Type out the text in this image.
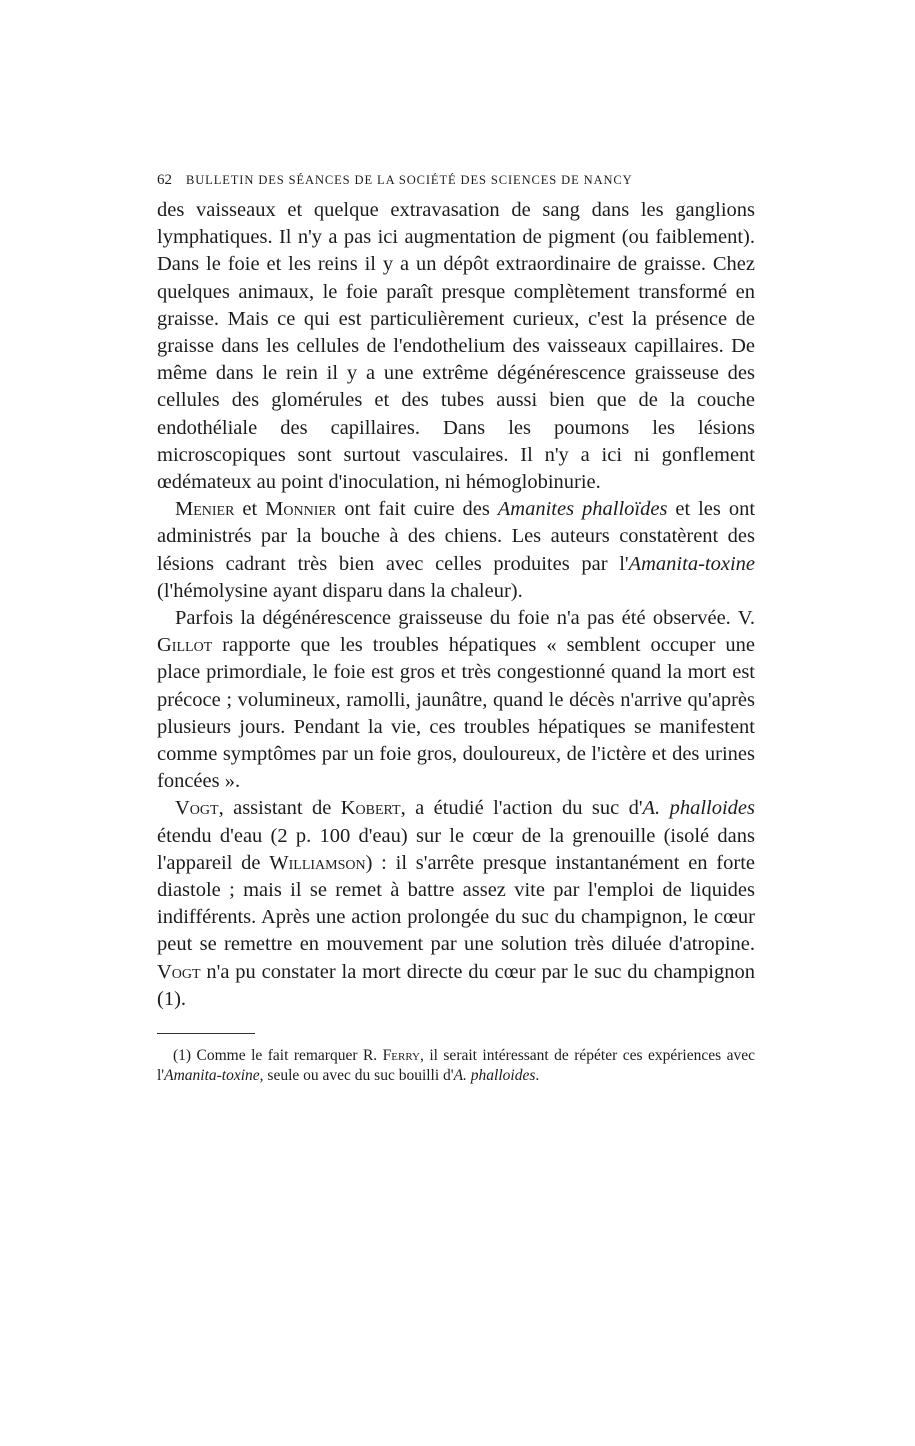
62 BULLETIN DES SÉANCES DE LA SOCIÉTÉ DES SCIENCES DE NANCY

des vaisseaux et quelque extravasation de sang dans les ganglions lymphatiques. Il n'y a pas ici augmentation de pigment (ou faiblement). Dans le foie et les reins il y a un dépôt extraordinaire de graisse. Chez quelques animaux, le foie paraît presque complètement transformé en graisse. Mais ce qui est particulièrement curieux, c'est la présence de graisse dans les cellules de l'endothelium des vaisseaux capillaires. De même dans le rein il y a une extrême dégénérescence graisseuse des cellules des glomérules et des tubes aussi bien que de la couche endothéliale des capillaires. Dans les poumons les lésions microscopiques sont surtout vasculaires. Il n'y a ici ni gonflement œdémateux au point d'inoculation, ni hémoglobinurie.

Menier et Monnier ont fait cuire des Amanites phalloïdes et les ont administrés par la bouche à des chiens. Les auteurs constatèrent des lésions cadrant très bien avec celles produites par l'Amanita-toxine (l'hémolysine ayant disparu dans la chaleur).

Parfois la dégénérescence graisseuse du foie n'a pas été observée. V. Gillot rapporte que les troubles hépatiques « semblent occuper une place primordiale, le foie est gros et très congestionné quand la mort est précoce ; volumineux, ramolli, jaunâtre, quand le décès n'arrive qu'après plusieurs jours. Pendant la vie, ces troubles hépatiques se manifestent comme symptômes par un foie gros, douloureux, de l'ictère et des urines foncées ».

Vogt, assistant de Kobert, a étudié l'action du suc d'A. phalloides étendu d'eau (2 p. 100 d'eau) sur le cœur de la grenouille (isolé dans l'appareil de Williamson) : il s'arrête presque instantanément en forte diastole ; mais il se remet à battre assez vite par l'emploi de liquides indifférents. Après une action prolongée du suc du champignon, le cœur peut se remettre en mouvement par une solution très diluée d'atropine. Vogt n'a pu constater la mort directe du cœur par le suc du champignon (1).

(1) Comme le fait remarquer R. Ferry, il serait intéressant de répéter ces expériences avec l'Amanita-toxine, seule ou avec du suc bouilli d'A. phalloides.
